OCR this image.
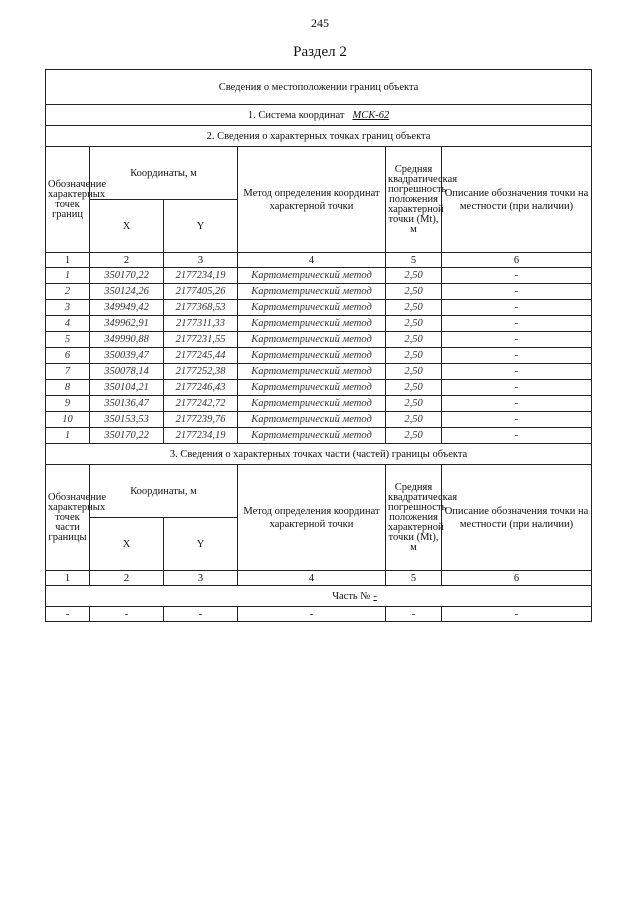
245
Раздел 2
Сведения о местоположении границ объекта					
1. Система координат МСК-62					
2. Сведения о характерных точках границ объекта					
Обозначение характерных точек границ	Координаты, м		Метод определения координат характерной точки	Средняя квадратическая погрешность положения характерной точки (Mt), м	Описание обозначения точки на местности (при наличии)
	X	Y			
1	2	3	4	5	6
1	350170,22	2177234,19	Картометрический метод	2,50	-
2	350124,26	2177405,26	Картометрический метод	2,50	-
3	349949,42	2177368,53	Картометрический метод	2,50	-
4	349962,91	2177311,33	Картометрический метод	2,50	-
5	349990,88	2177231,55	Картометрический метод	2,50	-
6	350039,47	2177245,44	Картометрический метод	2,50	-
7	350078,14	2177252,38	Картометрический метод	2,50	-
8	350104,21	2177246,43	Картометрический метод	2,50	-
9	350136,47	2177242,72	Картометрический метод	2,50	-
10	350153,53	2177239,76	Картометрический метод	2,50	-
1	350170,22	2177234,19	Картометрический метод	2,50	-
3. Сведения о характерных точках части (частей) границы объекта					
Обозначение характерных точек части границы	Координаты, м		Метод определения координат характерной точки	Средняя квадратическая погрешность положения характерной точки (Mt), м	Описание обозначения точки на местности (при наличии)
	X	Y			
1	2	3	4	5	6
Часть № -					
-	-	-	-	-	-
